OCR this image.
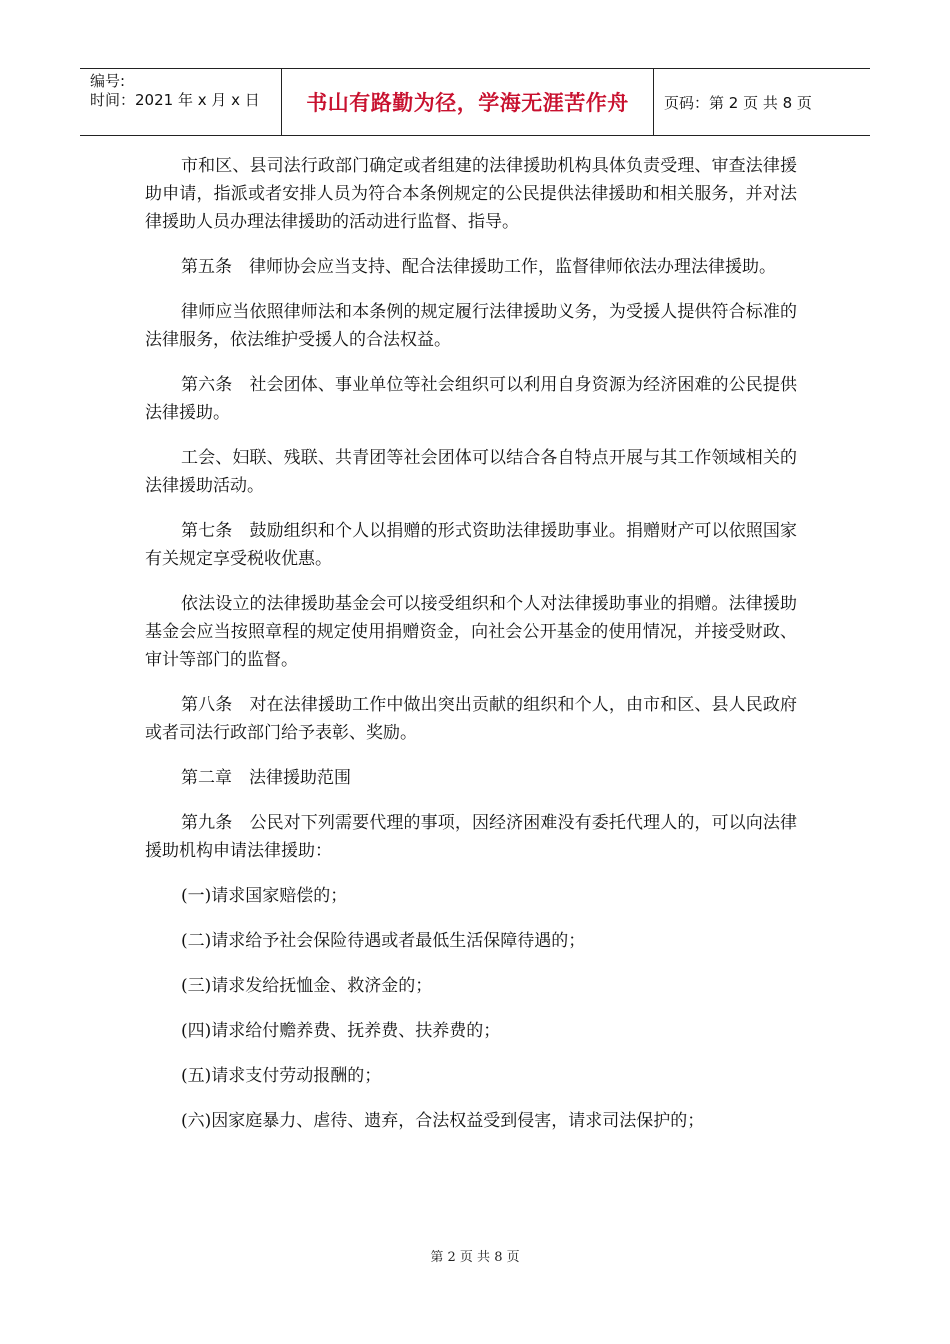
编号:
时间：2021 年 x 月 x 日	书山有路勤为径，学海无涯苦作舟	页码：第 2 页 共 8 页

市和区、县司法行政部门确定或者组建的法律援助机构具体负责受理、审查法律援助申请，指派或者安排人员为符合本条例规定的公民提供法律援助和相关服务，并对法律援助人员办理法律援助的活动进行监督、指导。

第五条　律师协会应当支持、配合法律援助工作，监督律师依法办理法律援助。

律师应当依照律师法和本条例的规定履行法律援助义务，为受援人提供符合标准的法律服务，依法维护受援人的合法权益。

第六条　社会团体、事业单位等社会组织可以利用自身资源为经济困难的公民提供法律援助。

工会、妇联、残联、共青团等社会团体可以结合各自特点开展与其工作领域相关的法律援助活动。

第七条　鼓励组织和个人以捐赠的形式资助法律援助事业。捐赠财产可以依照国家有关规定享受税收优惠。

依法设立的法律援助基金会可以接受组织和个人对法律援助事业的捐赠。法律援助基金会应当按照章程的规定使用捐赠资金，向社会公开基金的使用情况，并接受财政、审计等部门的监督。

第八条　对在法律援助工作中做出突出贡献的组织和个人，由市和区、县人民政府或者司法行政部门给予表彰、奖励。

第二章　法律援助范围

第九条　公民对下列需要代理的事项，因经济困难没有委托代理人的，可以向法律援助机构申请法律援助：

(一)请求国家赔偿的；

(二)请求给予社会保险待遇或者最低生活保障待遇的；

(三)请求发给抚恤金、救济金的；

(四)请求给付赡养费、抚养费、扶养费的；

(五)请求支付劳动报酬的；

(六)因家庭暴力、虐待、遗弃，合法权益受到侵害，请求司法保护的；

第 2 页 共 8 页
